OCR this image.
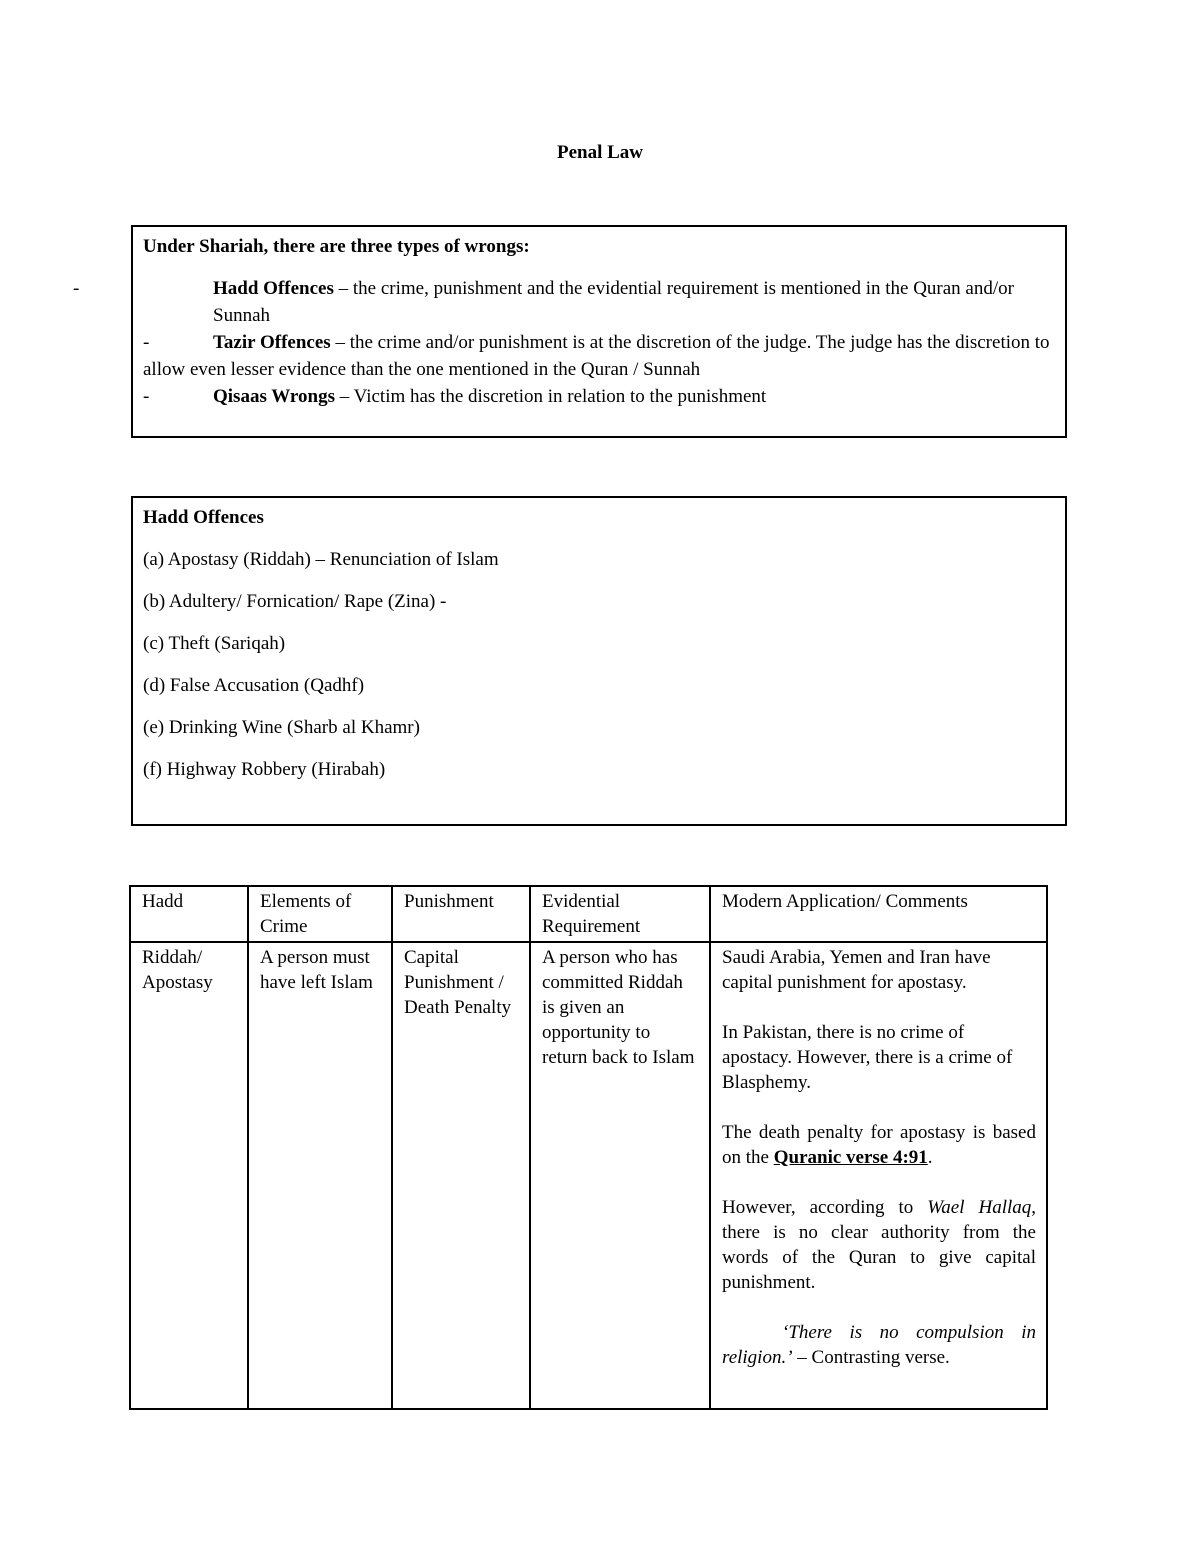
Penal Law

Under Shariah, there are three types of wrongs:

-	Hadd Offences – the crime, punishment and the evidential requirement is mentioned in the Quran and/or Sunnah

-	Tazir Offences – the crime and/or punishment is at the discretion of the judge. The judge has the discretion to allow even lesser evidence than the one mentioned in the Quran / Sunnah

-	Qisaas Wrongs – Victim has the discretion in relation to the punishment

Hadd Offences

(a) Apostasy (Riddah) – Renunciation of Islam

(b) Adultery/ Fornication/ Rape (Zina) -

(c) Theft (Sariqah)

(d) False Accusation (Qadhf)

(e) Drinking Wine (Sharb al Khamr)

(f) Highway Robbery (Hirabah)

Hadd	Elements of Crime	Punishment	Evidential Requirement	Modern Application/ Comments
Riddah/ Apostasy	A person must have left Islam	Capital Punishment / Death Penalty	A person who has committed Riddah is given an opportunity to return back to Islam	Saudi Arabia, Yemen and Iran have capital punishment for apostasy.

In Pakistan, there is no crime of apostacy. However, there is a crime of Blasphemy.

The death penalty for apostasy is based on the Quranic verse 4:91.

However, according to Wael Hallaq, there is no clear authority from the words of the Quran to give capital punishment.

‘There is no compulsion in religion.’ – Contrasting verse.
